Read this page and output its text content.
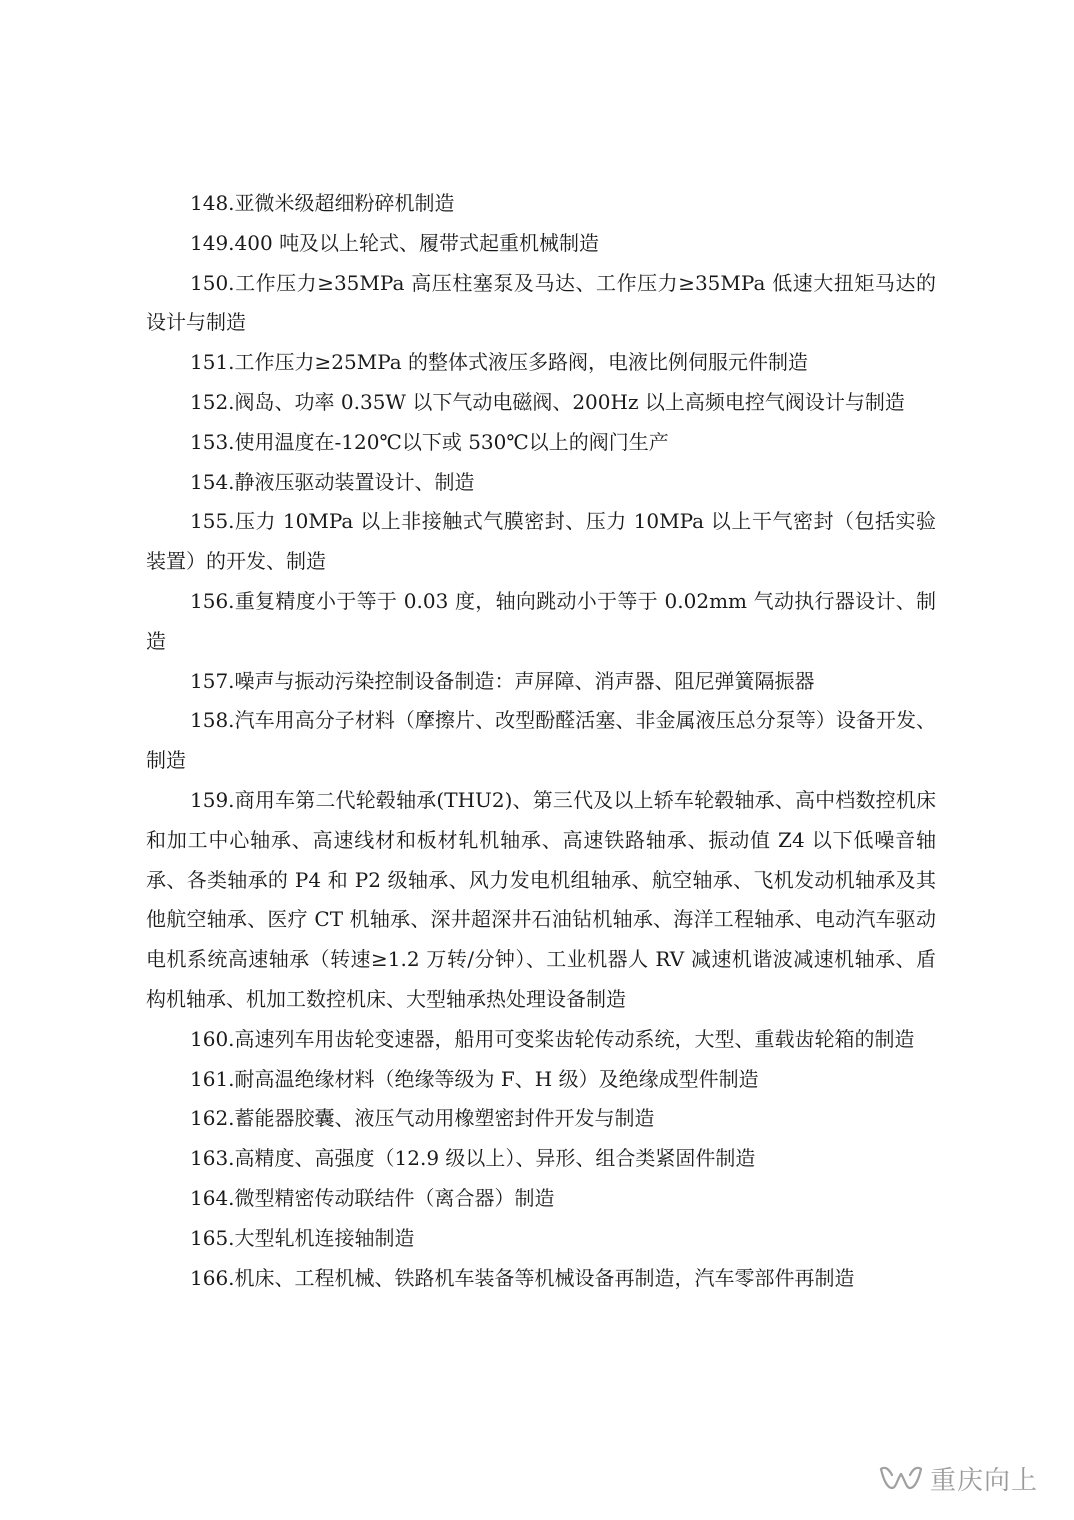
148.亚微米级超细粉碎机制造

149.400 吨及以上轮式、履带式起重机械制造

150.工作压力≥35MPa 高压柱塞泵及马达、工作压力≥35MPa 低速大扭矩马达的设计与制造

151.工作压力≥25MPa 的整体式液压多路阀，电液比例伺服元件制造

152.阀岛、功率 0.35W 以下气动电磁阀、200Hz 以上高频电控气阀设计与制造

153.使用温度在-120℃以下或 530℃以上的阀门生产

154.静液压驱动装置设计、制造

155.压力 10MPa 以上非接触式气膜密封、压力 10MPa 以上干气密封（包括实验装置）的开发、制造

156.重复精度小于等于 0.03 度，轴向跳动小于等于 0.02mm 气动执行器设计、制造

157.噪声与振动污染控制设备制造：声屏障、消声器、阻尼弹簧隔振器

158.汽车用高分子材料（摩擦片、改型酚醛活塞、非金属液压总分泵等）设备开发、制造

159.商用车第二代轮毂轴承(THU2)、第三代及以上轿车轮毂轴承、高中档数控机床和加工中心轴承、高速线材和板材轧机轴承、高速铁路轴承、振动值 Z4 以下低噪音轴承、各类轴承的 P4 和 P2 级轴承、风力发电机组轴承、航空轴承、飞机发动机轴承及其他航空轴承、医疗 CT 机轴承、深井超深井石油钻机轴承、海洋工程轴承、电动汽车驱动电机系统高速轴承（转速≥1.2 万转/分钟）、工业机器人 RV 减速机谐波减速机轴承、盾构机轴承、机加工数控机床、大型轴承热处理设备制造

160.高速列车用齿轮变速器，船用可变桨齿轮传动系统，大型、重载齿轮箱的制造

161.耐高温绝缘材料（绝缘等级为 F、H 级）及绝缘成型件制造

162.蓄能器胶囊、液压气动用橡塑密封件开发与制造

163.高精度、高强度（12.9 级以上）、异形、组合类紧固件制造

164.微型精密传动联结件（离合器）制造

165.大型轧机连接轴制造

166.机床、工程机械、铁路机车装备等机械设备再制造，汽车零部件再制造

重庆向上
